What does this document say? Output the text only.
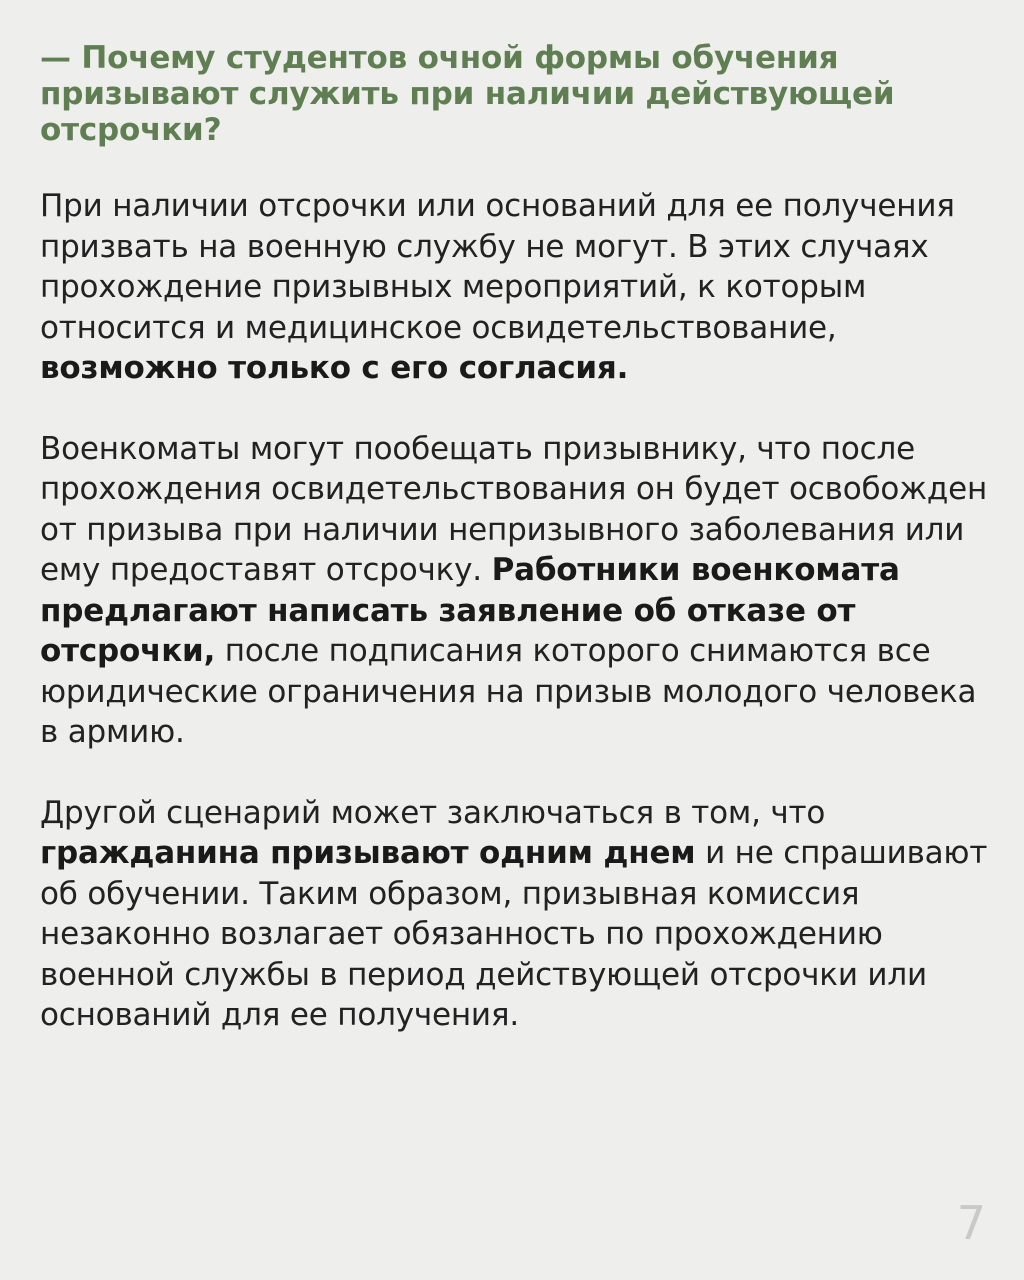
— Почему студентов очной формы обучения призывают служить при наличии действующей отсрочки?

При наличии отсрочки или оснований для ее получения призвать на военную службу не могут. В этих случаях прохождение призывных мероприятий, к которым относится и медицинское освидетельствование, возможно только с его согласия.

Военкоматы могут пообещать призывнику, что после прохождения освидетельствования он будет освобожден от призыва при наличии непризывного заболевания или ему предоставят отсрочку. Работники военкомата предлагают написать заявление об отказе от отсрочки, после подписания которого снимаются все юридические ограничения на призыв молодого человека в армию.

Другой сценарий может заключаться в том, что гражданина призывают одним днем и не спрашивают об обучении. Таким образом, призывная комиссия незаконно возлагает обязанность по прохождению военной службы в период действующей отсрочки или оснований для ее получения.

7
